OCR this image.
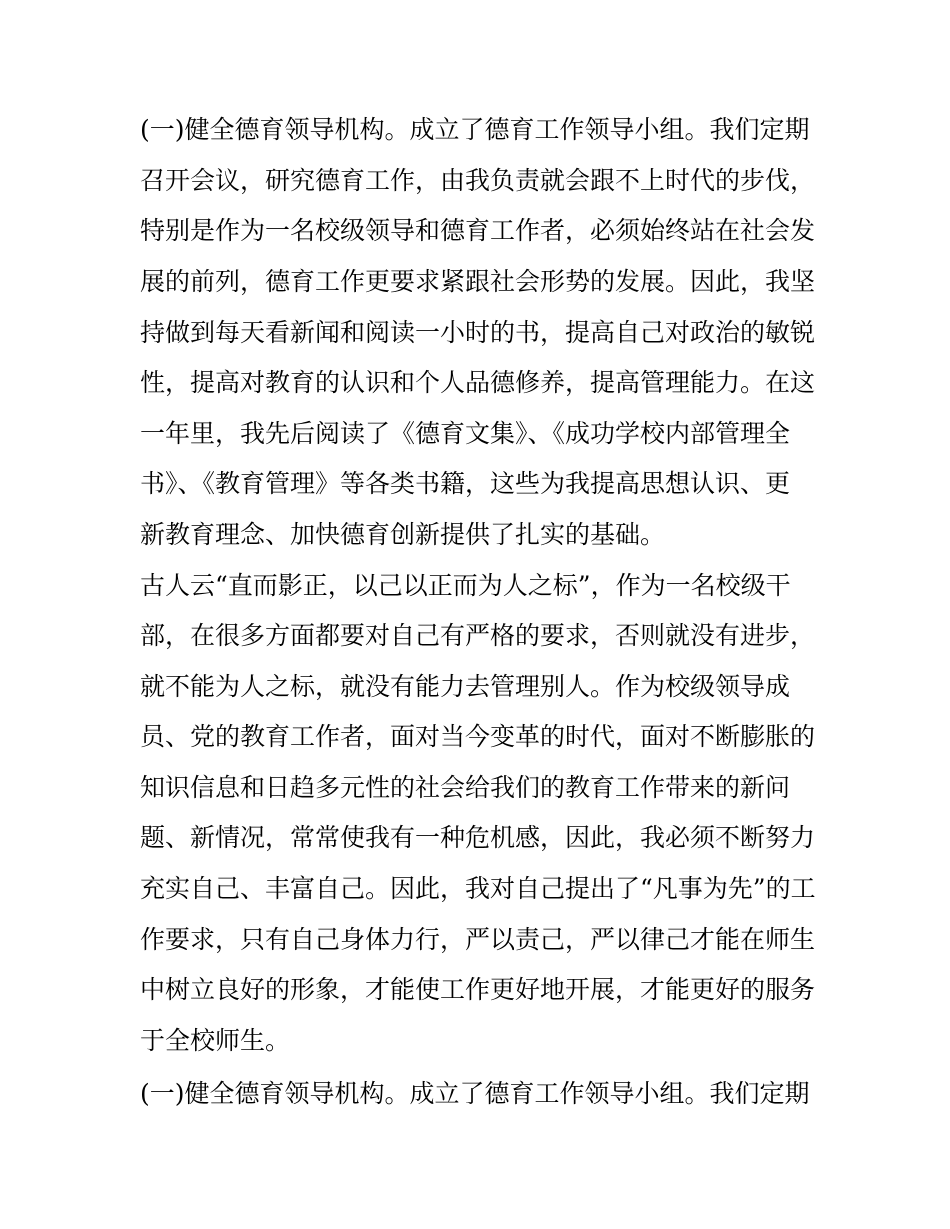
(一)健全德育领导机构。成立了德育工作领导小组。我们定期
召开会议，研究德育工作，由我负责就会跟不上时代的步伐，
特别是作为一名校级领导和德育工作者，必须始终站在社会发
展的前列，德育工作更要求紧跟社会形势的发展。因此，我坚
持做到每天看新闻和阅读一小时的书，提高自己对政治的敏锐
性，提高对教育的认识和个人品德修养，提高管理能力。在这
一年里，我先后阅读了《德育文集》、《成功学校内部管理全
书》、《教育管理》等各类书籍，这些为我提高思想认识、更
新教育理念、加快德育创新提供了扎实的基础。
古人云“直而影正，以己以正而为人之标”，作为一名校级干
部，在很多方面都要对自己有严格的要求，否则就没有进步，
就不能为人之标，就没有能力去管理别人。作为校级领导成
员、党的教育工作者，面对当今变革的时代，面对不断膨胀的
知识信息和日趋多元性的社会给我们的教育工作带来的新问
题、新情况，常常使我有一种危机感，因此，我必须不断努力
充实自己、丰富自己。因此，我对自己提出了“凡事为先”的工
作要求，只有自己身体力行，严以责己，严以律己才能在师生
中树立良好的形象，才能使工作更好地开展，才能更好的服务
于全校师生。
(一)健全德育领导机构。成立了德育工作领导小组。我们定期
